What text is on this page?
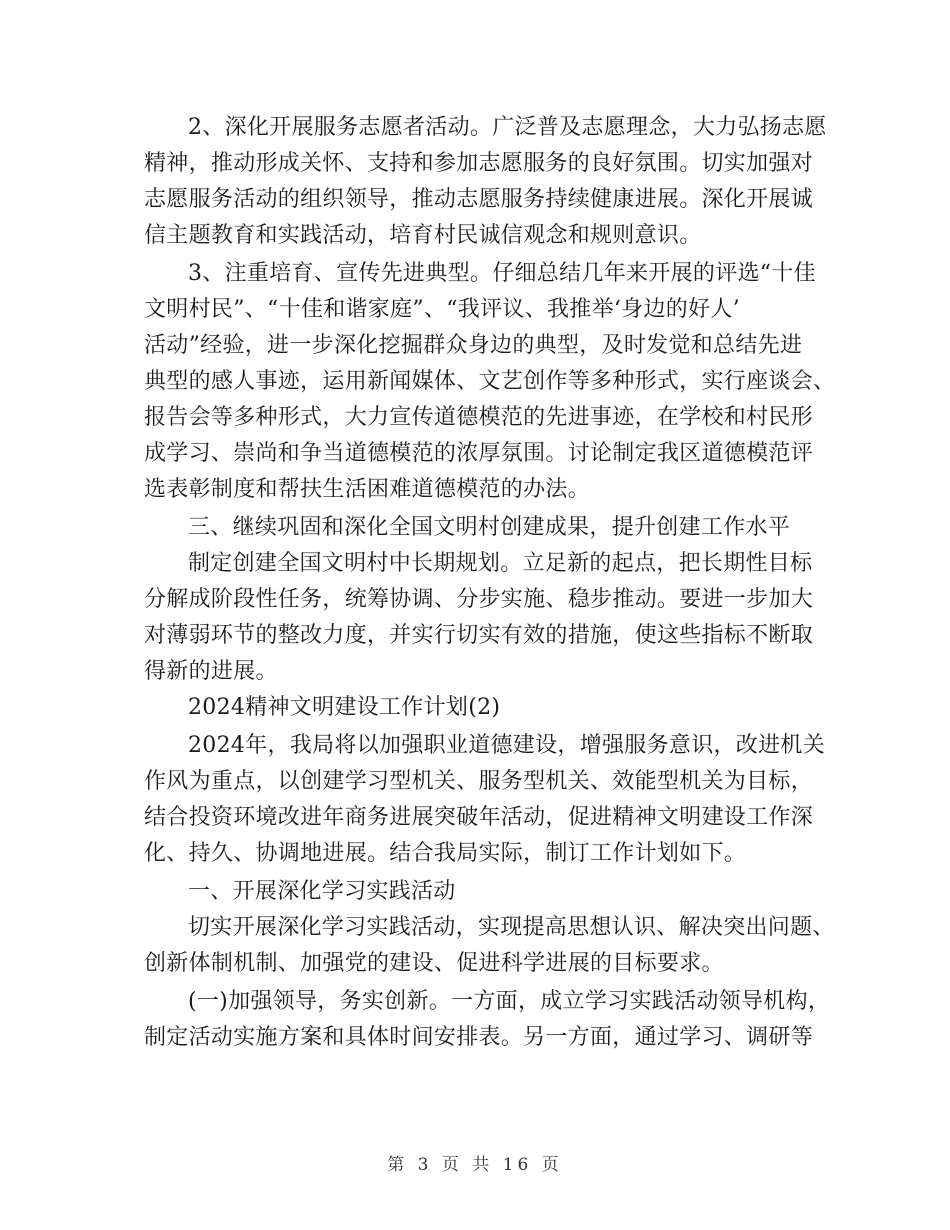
2、深化开展服务志愿者活动。广泛普及志愿理念，大力弘扬志愿
精神，推动形成关怀、支持和参加志愿服务的良好氛围。切实加强对
志愿服务活动的组织领导，推动志愿服务持续健康进展。深化开展诚
信主题教育和实践活动，培育村民诚信观念和规则意识。
3、注重培育、宣传先进典型。仔细总结几年来开展的评选“十佳
文明村民”、“十佳和谐家庭”、“我评议、我推举‘身边的好人’
活动”经验，进一步深化挖掘群众身边的典型，及时发觉和总结先进
典型的感人事迹，运用新闻媒体、文艺创作等多种形式，实行座谈会、
报告会等多种形式，大力宣传道德模范的先进事迹，在学校和村民形
成学习、崇尚和争当道德模范的浓厚氛围。讨论制定我区道德模范评
选表彰制度和帮扶生活困难道德模范的办法。
三、继续巩固和深化全国文明村创建成果，提升创建工作水平
制定创建全国文明村中长期规划。立足新的起点，把长期性目标
分解成阶段性任务，统筹协调、分步实施、稳步推动。要进一步加大
对薄弱环节的整改力度，并实行切实有效的措施，使这些指标不断取
得新的进展。
2024精神文明建设工作计划(2)
2024年，我局将以加强职业道德建设，增强服务意识，改进机关
作风为重点，以创建学习型机关、服务型机关、效能型机关为目标，
结合投资环境改进年商务进展突破年活动，促进精神文明建设工作深
化、持久、协调地进展。结合我局实际，制订工作计划如下。
一、开展深化学习实践活动
切实开展深化学习实践活动，实现提高思想认识、解决突出问题、
创新体制机制、加强党的建设、促进科学进展的目标要求。
(一)加强领导，务实创新。一方面，成立学习实践活动领导机构，
制定活动实施方案和具体时间安排表。另一方面，通过学习、调研等
第 3 页 共 16 页
